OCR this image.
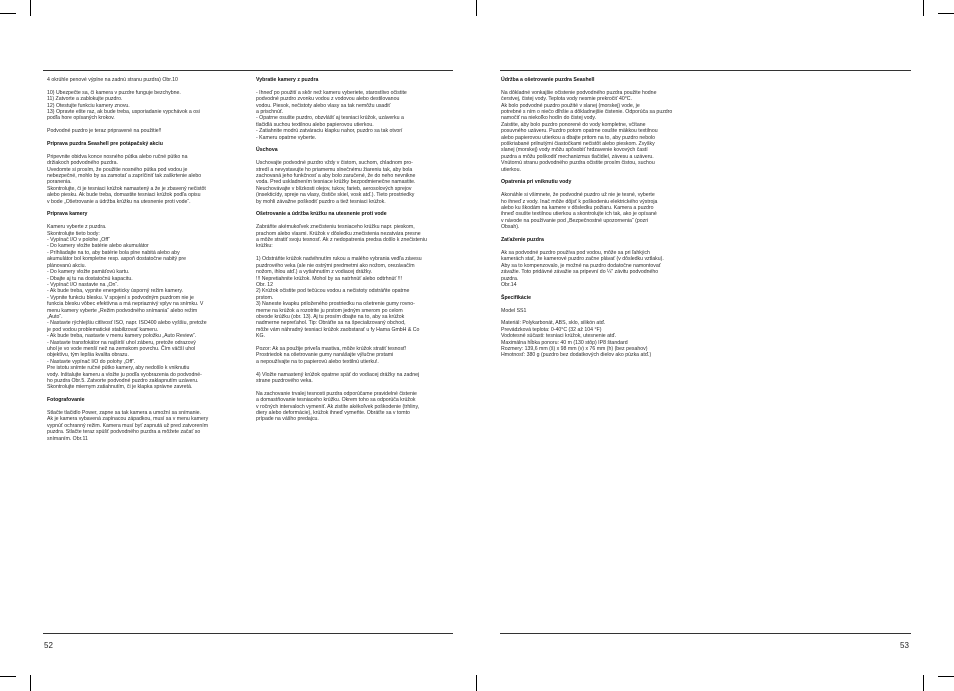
4 okrúhle penové výplne na zadnú stranu puzdra) Obr.10

10) Ubezpečte sa, či kamera v puzdre funguje bezchybne.
11) Zatvorte a zablokujte puzdro.
12) Otestujte funkciu kamery znovu.
13) Opravte ešte raz, ak bude treba, usporiadanie vypchávok a osi
podľa hore opísaných krokov.

Podvodné puzdro je teraz pripravené na použitie!!

Príprava puzdra Seashell pre potápačský akciu

Pripevnite obidva konce nosného pútka alebo ručné pútko na
držiakoch podvodného puzdra.
Uvedomte si prosím, že použitie nosného pútka pod vodou je
nebezpečné, mohlo by sa zamotať a zapríčiniť tak zaškrtenie alebo
poranenia.
Skontrolujte, či je tesniaci krúžok namastený a že je zbavený nečistôt
alebo piesku. Ak bude treba, domastite tesniaci krúžok podľa opisu
v bode „Ošetrovanie a údržba krúžku na utesnenie proti vode“.

Príprava kamery

Kameru vyberte z puzdra.
Skontrolujte tieto body:
- Vypínač I/O v polohe „Off“
- Do kamery vložte batérie alebo akumulátor
- Príhliadajte na to, aby batérie bola plne nabitá alebo aby
akumulátor bol kompletne resp. aspoň dostatočne nabitý pre
plánovanú akciu.
- Do kamery vložte pamäťovú kartu.
- Dbajte aj tu na dostatočnú kapacitu.
- Vypínač I/O nastavte na „On“.
- Ak bude treba, vypnite energeticky úsporný režim kamery.
- Vypnite funkciu blesku. V spojení s podvodným puzdrom nie je
funkcia blesku vôbec efektívna a má nepriaznivý vplyv na snímku. V
menu kamery vyberte „Režim podvodného snímania“ alebo režim
„Auto“.
- Nastavte rýchlejšiu citlivosť ISO, napr. ISO400 alebo vyššiu, pretože
je pod vodou problematické stabilizovať kameru.
- Ak bude treba, nastavte v menu kamery položku „Auto Review“.
- Nastavte transfokátor na najširší uhol záberu, pretože odrazový
uhol je vo vode menší než na zemskom povrchu. Čím väčší uhol
objektívu, tým lepšia kvalita obrazu.
- Nastavte vypínač I/O do polohy „Off“.
Pre istotu snímte ručné pútko kamery, aby nedošlo k vniknutiu
vody. Inštalujte kameru a vložte ju podľa vyobrazenia do podvodné-
ho puzdra Obr.5. Zatvorte podvodné puzdro zaklapnutím uzáveru.
Skontrolujte miernym zatiahnutím, či je klapka správne zavretá.

Fotografovanie

Stlačte tlačidlo Power, zapne sa tak kamera a umožní sa snímanie.
Ak je kamera vybavená zapínacou západkou, musí sa v menu kamery
vypnúť ochranný režim. Kamera musí byť zapnutá už pred zatvorením
puzdra. Stlačte teraz spúšť podvodného puzdra a môžete začať so
snímaním. Obr.11

Vybratie kamery z puzdra

- Ihneď po použití a skôr než kameru vyberiete, starostlivo očistite
podvodné puzdro zvonku vodou z vodovou alebo destilovanou
vodou. Piesok, nečistoty alebo vlasy sa tak nemôžu usadiť
a prischnúť.
- Opatrne osušte puzdro, obzvlášť aj tesniaci krúžok, uzáverku a
tlačidlá suchou textilnou alebo papierovou utierkou.
- Zatiahnite modrú zatváraciu klapku nahor, puzdro sa tak otvorí
- Kameru opatrne vyberte.

Úschova

Uschovajte podvodné puzdro vždy v čistom, suchom, chladnom pro-
stredí a nevystavujte ho priamemu slnečnému žiareniu tak, aby bola
zachovaná jeho funkčnosť a aby bolo zaručené, že do neho nevnikne
voda. Pred uskladnením tesniace krúžky bezpodmienečne namastite.
Neuchovávajte v blízkosti olejov, tukov, farieb, aerosolových sprejov
(insekticídy, spreje na vlasy, čističe skiel, vosk atď.). Tieto prostriedky
by mohli závažne poškodiť puzdro a tiež tesniaci krúžok.

Ošetrovanie a údržba krúžku na utesnenie proti vode

Zabráňte akémukoľvek znečisteniu tesniaceho krúžku napr. pieskom,
prachom alebo vlasmi. Krúžok v dôsledku znečistenia nezatvára presne
a môže stratiť svoju tesnosť. Ak z nedopatrenia predsa došlo k znečisteniu
krúžku:

1) Odstráňte krúžok nadvihnutím rukou a malého vybrania vedľa závesu
puzdrového veka (ale nie ostrými predmetmi ako nožom, orezávačím
nožom, ihlou atď.) a vytiahnutím z vodiacej drážky.
!!! Nepretiahnite krúžok. Mohol by sa natrhnúť alebo odtrhnúť !!!
Obr. 12
2) Krúžok očistite pod tečúcou vodou a nečistoty odstráňte opatrne
prstom.
3) Naneste kvapku priloženého prostriedku na ošetrenie gumy rovno-
merne na krúžok a rozotrite ju prstom jedným smerom po celom
obvode krúžku (obr. 13). Aj tu prosím dbajte na to, aby sa krúžok
nadmerne nepreťahol. Tip: Obráťte sa na špecializovaný obchod,
môže vám náhradný tesniaci krúžok zaobstarať u fy Hama GmbH & Co
KG.

Pozor: Ak sa použije priveľa mastiva, môže krúžok stratiť tesnosť!
Prostriedok na ošetrovanie gumy nanášajte výlučne prstami
a nepoužívajte na to papierovú alebo textilnú utierku!.

4) Vložte namastený krúžok opatrne späť do vodiacej drážky na zadnej
strane puzdrového veka.

Na zachovanie trvalej tesnosti puzdra odporúčame pravidelné čistenie
a domastňovanie tesniaceho krúžku. Okrem toho sa odporúča krúžok
v ročných intervaloch vymeniť. Ak zistíte akékoľvek poškodenie (trhliny,
diery alebo deformácie), krúžok ihneď vymeňte. Obráťte sa v tomto
prípade na vášho predajcu.

52
Údržba a ošetrovanie puzdra Seashell

Na dôkladné vonkajšie očistenie podvodného puzdra použite hodne
čerstvej, čistej vody. Teplota vody nesmie prekročiť 40°C.
Ak bolo podvodné puzdro použité v slanej (morskej) vode, je
potrebné s ním o niečo dlhšie a dôkladnejšie čistenie. Odporúča sa puzdro
namočiť na niekoľko hodín do čistej vody.
Zaistite, aby bolo puzdro ponorené do vody kompletne, včítane
posuvného uzáveru. Puzdro potom opatrne osušte mäkkou textilnou
alebo papierovou utierkou a dbajte pritom na to, aby puzdro nebolo
poškriabané prilnutými čiastočkami nečistôt alebo pieskom. Zvyšky
slanej (morskej) vody môžu spôsobiť hrdzavenie kovových častí
puzdra a môžu poškodiť mechanizmus tlačidiel, závesu a uzáveru.
Vnútornú stranu podvodného puzdra očistite prosím čistou, suchou
utierkou.

Opatrenia pri vniknutiu vody

Akonáhle si všimnete, že podvodné puzdro už nie je tesné, vyberte
ho ihneď z vody. Inač môže dôjsť k poškodeniu elektrického výstroja
alebo ku škodám na kamere v dôsledku požiaru. Kamera a puzdro
ihneď osušte textilnou utierkou a skontrolujte ich tak, ako je opísané
v návode na používanie pod „Bezpečnostné upozornenia“ (pozri
Obsah).

Zaťaženie puzdra

Ak sa podvodné puzdro používa pod vodou, môže sa pri ľahkých
kamerách stať, že kamerové puzdro začne plávať (v dôsledku vztlaku).
Aby sa to kompenzovalo, je možné na puzdro dodatočne namontovať
závažie. Toto pridávné závažie sa pripevní do ¼" závitu podvodného
puzdra.
Obr.14

Špecifikácie

Model SS1

Materiál: Polykarbonát, ABS, sklo, silikón atď.
Prevádzková teplota: 0-40°C (32 až 104 °F)
Vodotesné súčasti: tesniaci krúžok, utesnenie atď.
Maximálna hĺbka ponoru: 40 m (130 stôp) IP8 štandard
Rozmery: 139,6 mm (š) x 98 mm (v) x 76 mm (h) (bez pesahov)
Hmotnosť: 380 g (puzdro bez dodatkových dielov ako púzka atď.)

53
